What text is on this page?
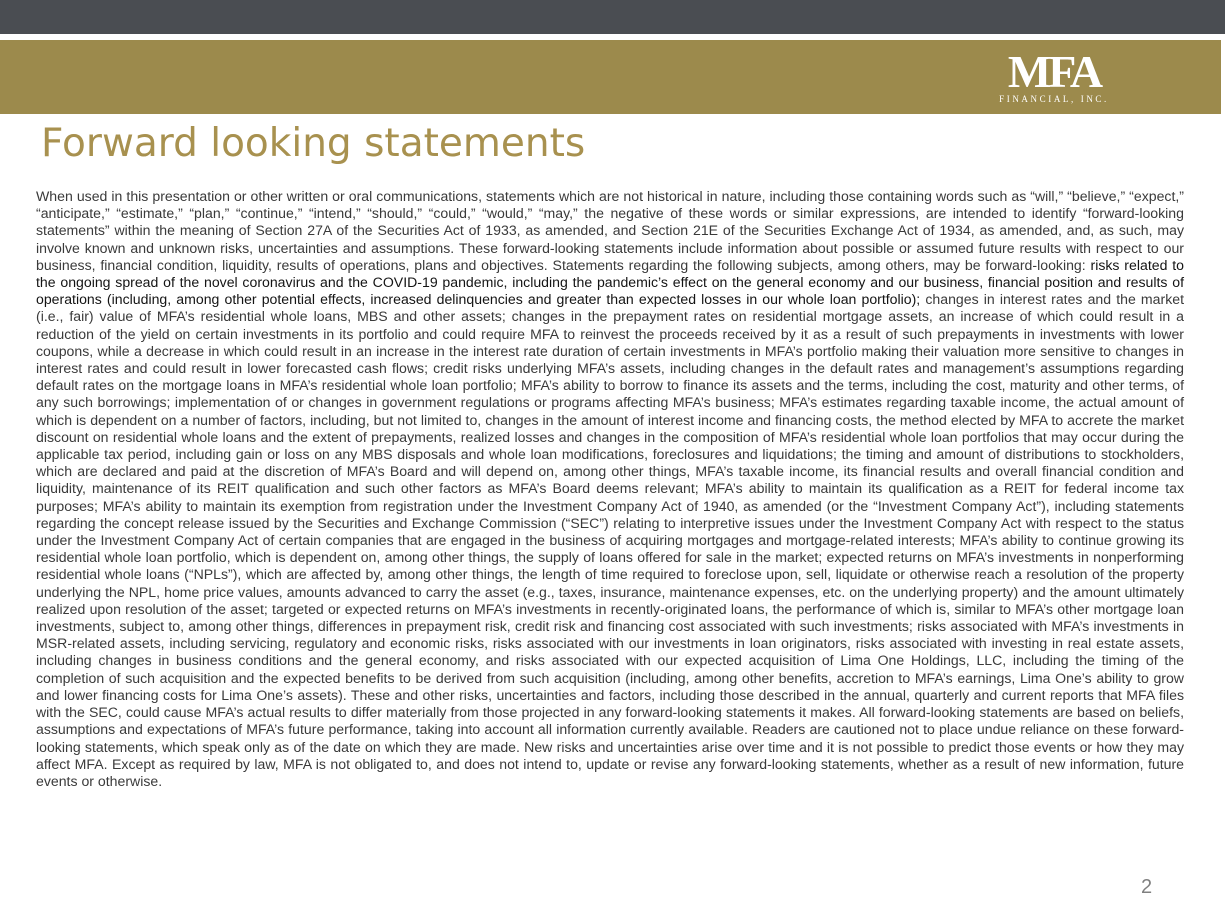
MFA
FINANCIAL, INC.
Forward looking statements

When used in this presentation or other written or oral communications, statements which are not historical in nature, including those containing words such as “will,” “believe,” “expect,” “anticipate,” “estimate,” “plan,” “continue,” “intend,” “should,” “could,” “would,” “may,” the negative of these words or similar expressions, are intended to identify “forward-looking statements” within the meaning of Section 27A of the Securities Act of 1933, as amended, and Section 21E of the Securities Exchange Act of 1934, as amended, and, as such, may involve known and unknown risks, uncertainties and assumptions. These forward-looking statements include information about possible or assumed future results with respect to our business, financial condition, liquidity, results of operations, plans and objectives. Statements regarding the following subjects, among others, may be forward-looking: risks related to the ongoing spread of the novel coronavirus and the COVID-19 pandemic, including the pandemic’s effect on the general economy and our business, financial position and results of operations (including, among other potential effects, increased delinquencies and greater than expected losses in our whole loan portfolio); changes in interest rates and the market (i.e., fair) value of MFA’s residential whole loans, MBS and other assets; changes in the prepayment rates on residential mortgage assets, an increase of which could result in a reduction of the yield on certain investments in its portfolio and could require MFA to reinvest the proceeds received by it as a result of such prepayments in investments with lower coupons, while a decrease in which could result in an increase in the interest rate duration of certain investments in MFA’s portfolio making their valuation more sensitive to changes in interest rates and could result in lower forecasted cash flows; credit risks underlying MFA’s assets, including changes in the default rates and management’s assumptions regarding default rates on the mortgage loans in MFA’s residential whole loan portfolio; MFA’s ability to borrow to finance its assets and the terms, including the cost, maturity and other terms, of any such borrowings; implementation of or changes in government regulations or programs affecting MFA’s business; MFA’s estimates regarding taxable income, the actual amount of which is dependent on a number of factors, including, but not limited to, changes in the amount of interest income and financing costs, the method elected by MFA to accrete the market discount on residential whole loans and the extent of prepayments, realized losses and changes in the composition of MFA’s residential whole loan portfolios that may occur during the applicable tax period, including gain or loss on any MBS disposals and whole loan modifications, foreclosures and liquidations; the timing and amount of distributions to stockholders, which are declared and paid at the discretion of MFA’s Board and will depend on, among other things, MFA’s taxable income, its financial results and overall financial condition and liquidity, maintenance of its REIT qualification and such other factors as MFA’s Board deems relevant; MFA’s ability to maintain its qualification as a REIT for federal income tax purposes; MFA’s ability to maintain its exemption from registration under the Investment Company Act of 1940, as amended (or the “Investment Company Act”), including statements regarding the concept release issued by the Securities and Exchange Commission (“SEC”) relating to interpretive issues under the Investment Company Act with respect to the status under the Investment Company Act of certain companies that are engaged in the business of acquiring mortgages and mortgage-related interests; MFA’s ability to continue growing its residential whole loan portfolio, which is dependent on, among other things, the supply of loans offered for sale in the market; expected returns on MFA’s investments in nonperforming residential whole loans (“NPLs”), which are affected by, among other things, the length of time required to foreclose upon, sell, liquidate or otherwise reach a resolution of the property underlying the NPL, home price values, amounts advanced to carry the asset (e.g., taxes, insurance, maintenance expenses, etc. on the underlying property) and the amount ultimately realized upon resolution of the asset; targeted or expected returns on MFA’s investments in recently-originated loans, the performance of which is, similar to MFA’s other mortgage loan investments, subject to, among other things, differences in prepayment risk, credit risk and financing cost associated with such investments; risks associated with MFA’s investments in MSR-related assets, including servicing, regulatory and economic risks, risks associated with our investments in loan originators, risks associated with investing in real estate assets, including changes in business conditions and the general economy, and risks associated with our expected acquisition of Lima One Holdings, LLC, including the timing of the completion of such acquisition and the expected benefits to be derived from such acquisition (including, among other benefits, accretion to MFA’s earnings, Lima One’s ability to grow and lower financing costs for Lima One’s assets). These and other risks, uncertainties and factors, including those described in the annual, quarterly and current reports that MFA files with the SEC, could cause MFA’s actual results to differ materially from those projected in any forward-looking statements it makes. All forward-looking statements are based on beliefs, assumptions and expectations of MFA’s future performance, taking into account all information currently available. Readers are cautioned not to place undue reliance on these forward-looking statements, which speak only as of the date on which they are made. New risks and uncertainties arise over time and it is not possible to predict those events or how they may affect MFA. Except as required by law, MFA is not obligated to, and does not intend to, update or revise any forward-looking statements, whether as a result of new information, future events or otherwise.

2
